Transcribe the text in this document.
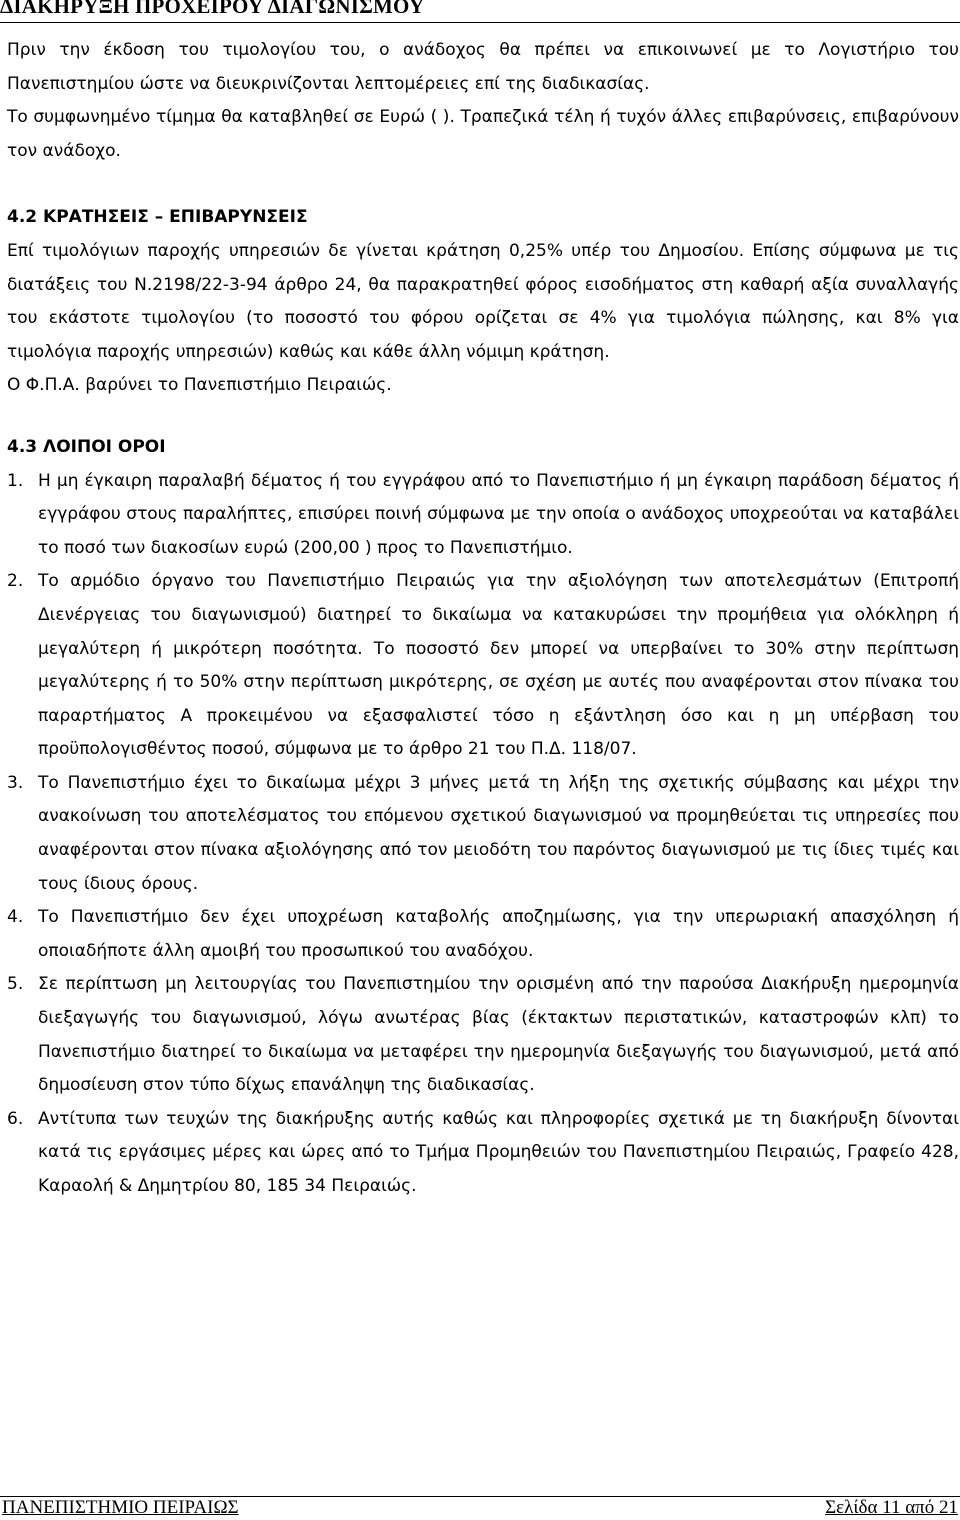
ΔΙΑΚΗΡΥΞΗ ΠΡΟΧΕΙΡΟΥ ΔΙΑΓΩΝΙΣΜΟΥ

Πριν την έκδοση του τιμολογίου του, ο ανάδοχος θα πρέπει να επικοινωνεί με το Λογιστήριο του Πανεπιστημίου ώστε να διευκρινίζονται λεπτομέρειες επί της διαδικασίας.

Το συμφωνημένο τίμημα θα καταβληθεί σε Ευρώ ( ). Τραπεζικά τέλη ή τυχόν άλλες επιβαρύνσεις, επιβαρύνουν τον ανάδοχο.

4.2 ΚΡΑΤΗΣΕΙΣ – ΕΠΙΒΑΡΥΝΣΕΙΣ

Επί τιμολόγιων παροχής υπηρεσιών δε γίνεται κράτηση 0,25% υπέρ του Δημοσίου. Επίσης σύμφωνα με τις διατάξεις του Ν.2198/22-3-94 άρθρο 24, θα παρακρατηθεί φόρος εισοδήματος στη καθαρή αξία συναλλαγής του εκάστοτε τιμολογίου (το ποσοστό του φόρου ορίζεται σε 4% για τιμολόγια πώλησης, και 8% για τιμολόγια παροχής υπηρεσιών) καθώς και κάθε άλλη νόμιμη κράτηση.

Ο Φ.Π.Α. βαρύνει το Πανεπιστήμιο Πειραιώς.

4.3 ΛΟΙΠΟΙ ΟΡΟΙ

1. Η μη έγκαιρη παραλαβή δέματος ή του εγγράφου από το Πανεπιστήμιο ή μη έγκαιρη παράδοση δέματος ή εγγράφου στους παραλήπτες, επισύρει ποινή σύμφωνα με την οποία ο ανάδοχος υποχρεούται να καταβάλει το ποσό των διακοσίων ευρώ (200,00 ) προς το Πανεπιστήμιο.

2. Το αρμόδιο όργανο του Πανεπιστήμιο Πειραιώς για την αξιολόγηση των αποτελεσμάτων (Επιτροπή Διενέργειας του διαγωνισμού) διατηρεί το δικαίωμα να κατακυρώσει την προμήθεια για ολόκληρη ή μεγαλύτερη ή μικρότερη ποσότητα. Το ποσοστό δεν μπορεί να υπερβαίνει το 30% στην περίπτωση μεγαλύτερης ή το 50% στην περίπτωση μικρότερης, σε σχέση με αυτές που αναφέρονται στον πίνακα του παραρτήματος Α προκειμένου να εξασφαλιστεί τόσο η εξάντληση όσο και η μη υπέρβαση του προϋπολογισθέντος ποσού, σύμφωνα με το άρθρο 21 του Π.Δ. 118/07.

3. Το Πανεπιστήμιο έχει το δικαίωμα μέχρι 3 μήνες μετά τη λήξη της σχετικής σύμβασης και μέχρι την ανακοίνωση του αποτελέσματος του επόμενου σχετικού διαγωνισμού να προμηθεύεται τις υπηρεσίες που αναφέρονται στον πίνακα αξιολόγησης από τον μειοδότη του παρόντος διαγωνισμού με τις ίδιες τιμές και τους ίδιους όρους.

4. Το Πανεπιστήμιο δεν έχει υποχρέωση καταβολής αποζημίωσης, για την υπερωριακή απασχόληση ή οποιαδήποτε άλλη αμοιβή του προσωπικού του αναδόχου.

5. Σε περίπτωση μη λειτουργίας του Πανεπιστημίου την ορισμένη από την παρούσα Διακήρυξη ημερομηνία διεξαγωγής του διαγωνισμού, λόγω ανωτέρας βίας (έκτακτων περιστατικών, καταστροφών κλπ) το Πανεπιστήμιο διατηρεί το δικαίωμα να μεταφέρει την ημερομηνία διεξαγωγής του διαγωνισμού, μετά από δημοσίευση στον τύπο δίχως επανάληψη της διαδικασίας.

6. Αντίτυπα των τευχών της διακήρυξης αυτής καθώς και πληροφορίες σχετικά με τη διακήρυξη δίνονται κατά τις εργάσιμες μέρες και ώρες από το Τμήμα Προμηθειών του Πανεπιστημίου Πειραιώς, Γραφείο 428, Καραολή & Δημητρίου 80, 185 34 Πειραιώς.

ΠΑΝΕΠΙΣΤΗΜΙΟ ΠΕΙΡΑΙΩΣ	Σελίδα 11 από 21
